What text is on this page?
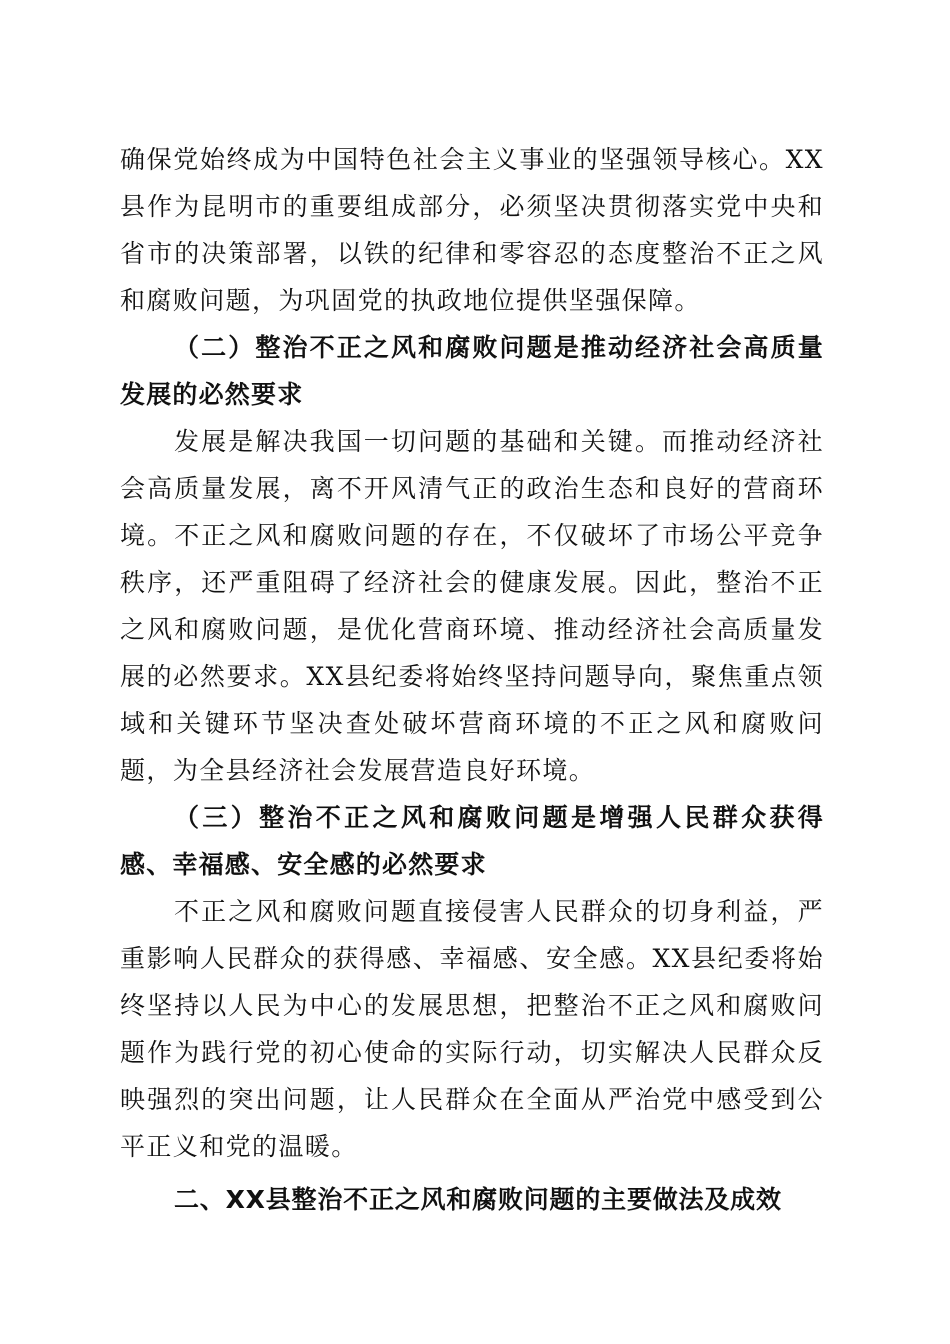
确保党始终成为中国特色社会主义事业的坚强领导核心。XX县作为昆明市的重要组成部分，必须坚决贯彻落实党中央和省市的决策部署，以铁的纪律和零容忍的态度整治不正之风和腐败问题，为巩固党的执政地位提供坚强保障。

（二）整治不正之风和腐败问题是推动经济社会高质量发展的必然要求

发展是解决我国一切问题的基础和关键。而推动经济社会高质量发展，离不开风清气正的政治生态和良好的营商环境。不正之风和腐败问题的存在，不仅破坏了市场公平竞争秩序，还严重阻碍了经济社会的健康发展。因此，整治不正之风和腐败问题，是优化营商环境、推动经济社会高质量发展的必然要求。XX县纪委将始终坚持问题导向，聚焦重点领域和关键环节坚决查处破坏营商环境的不正之风和腐败问题，为全县经济社会发展营造良好环境。

（三）整治不正之风和腐败问题是增强人民群众获得感、幸福感、安全感的必然要求

不正之风和腐败问题直接侵害人民群众的切身利益，严重影响人民群众的获得感、幸福感、安全感。XX县纪委将始终坚持以人民为中心的发展思想，把整治不正之风和腐败问题作为践行党的初心使命的实际行动，切实解决人民群众反映强烈的突出问题，让人民群众在全面从严治党中感受到公平正义和党的温暖。

二、XX县整治不正之风和腐败问题的主要做法及成效
